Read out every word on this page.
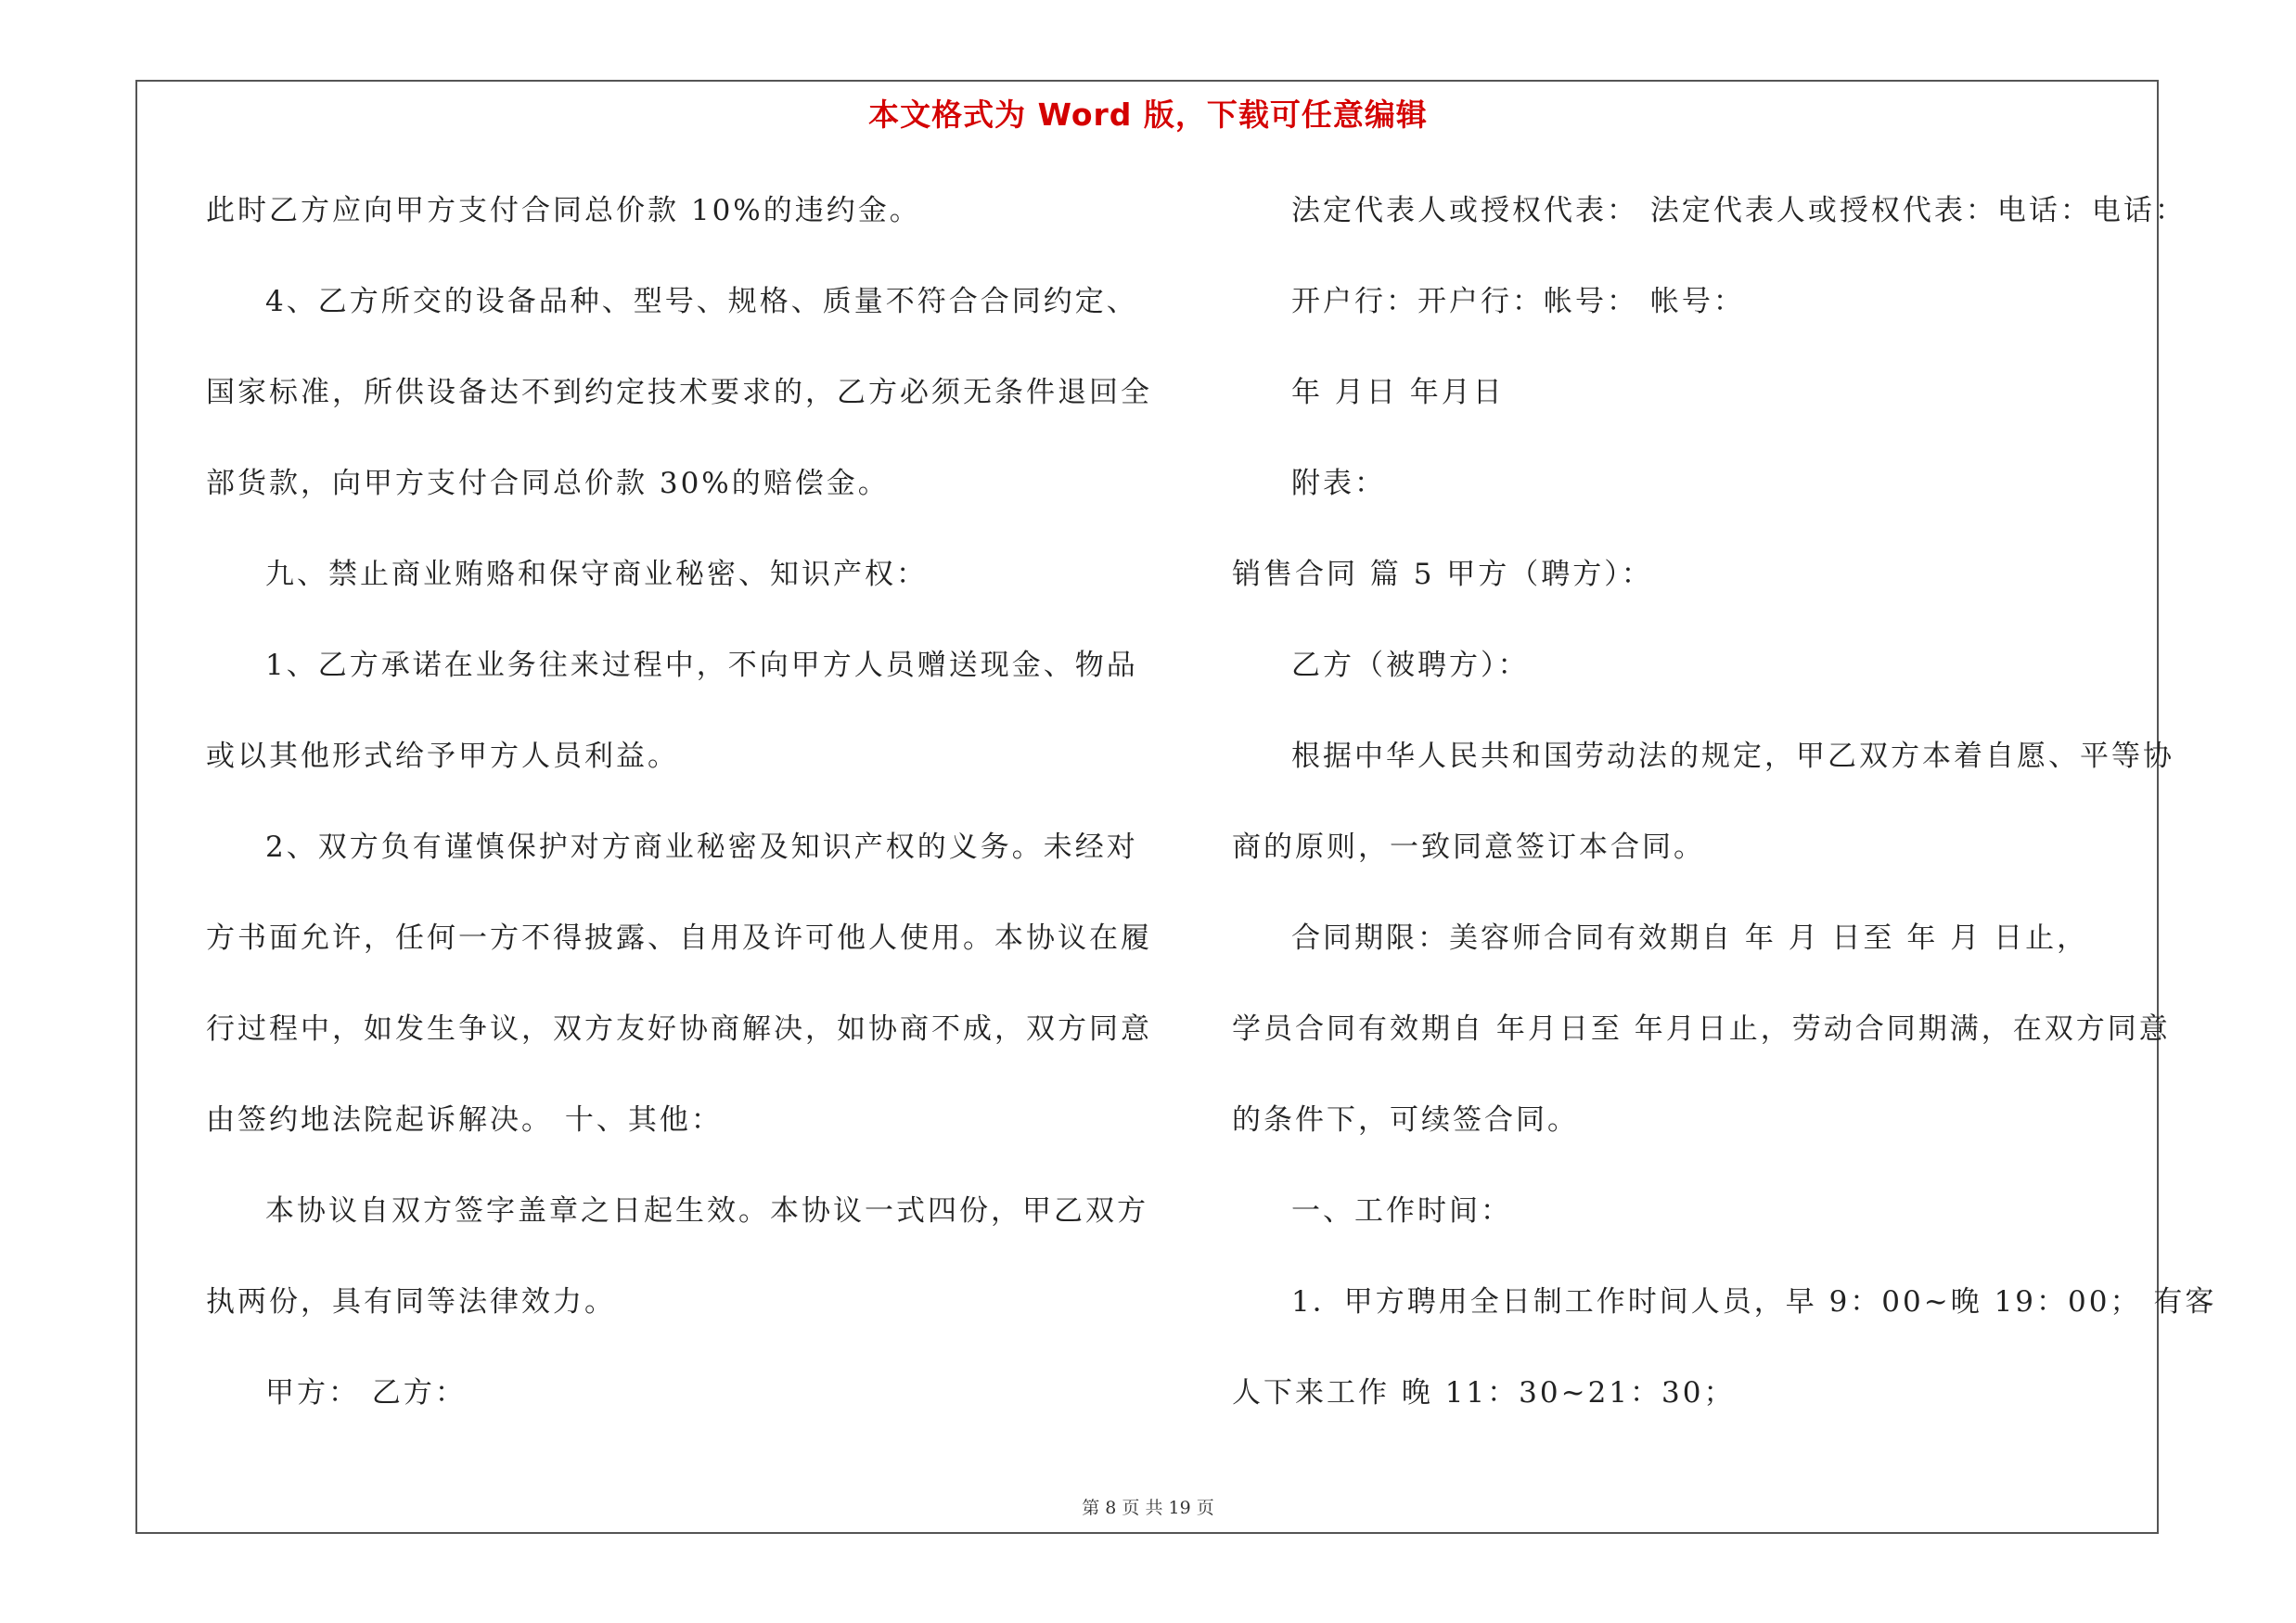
本文格式为 Word 版，下载可任意编辑
此时乙方应向甲方支付合同总价款 10%的违约金。
4、乙方所交的设备品种、型号、规格、质量不符合合同约定、
国家标准，所供设备达不到约定技术要求的，乙方必须无条件退回全
部货款，向甲方支付合同总价款 30%的赔偿金。
九、禁止商业贿赂和保守商业秘密、知识产权：
1、乙方承诺在业务往来过程中，不向甲方人员赠送现金、物品
或以其他形式给予甲方人员利益。
2、双方负有谨慎保护对方商业秘密及知识产权的义务。未经对
方书面允许，任何一方不得披露、自用及许可他人使用。本协议在履
行过程中，如发生争议，双方友好协商解决，如协商不成，双方同意
由签约地法院起诉解决。 十、其他：
本协议自双方签字盖章之日起生效。本协议一式四份，甲乙双方
执两份，具有同等法律效力。
甲方： 乙方：
法定代表人或授权代表： 法定代表人或授权代表：电话：电话：
开户行：开户行：帐号： 帐号：
年 月日 年月日
附表：
销售合同 篇 5 甲方（聘方）：
乙方（被聘方）：
根据中华人民共和国劳动法的规定，甲乙双方本着自愿、平等协
商的原则，一致同意签订本合同。
合同期限：美容师合同有效期自 年 月 日至 年 月 日止，
学员合同有效期自 年月日至 年月日止，劳动合同期满，在双方同意
的条件下，可续签合同。
一、工作时间：
1．甲方聘用全日制工作时间人员，早 9：00~晚 19：00； 有客
人下来工作 晚 11：30~21：30；
第 8 页 共 19 页
